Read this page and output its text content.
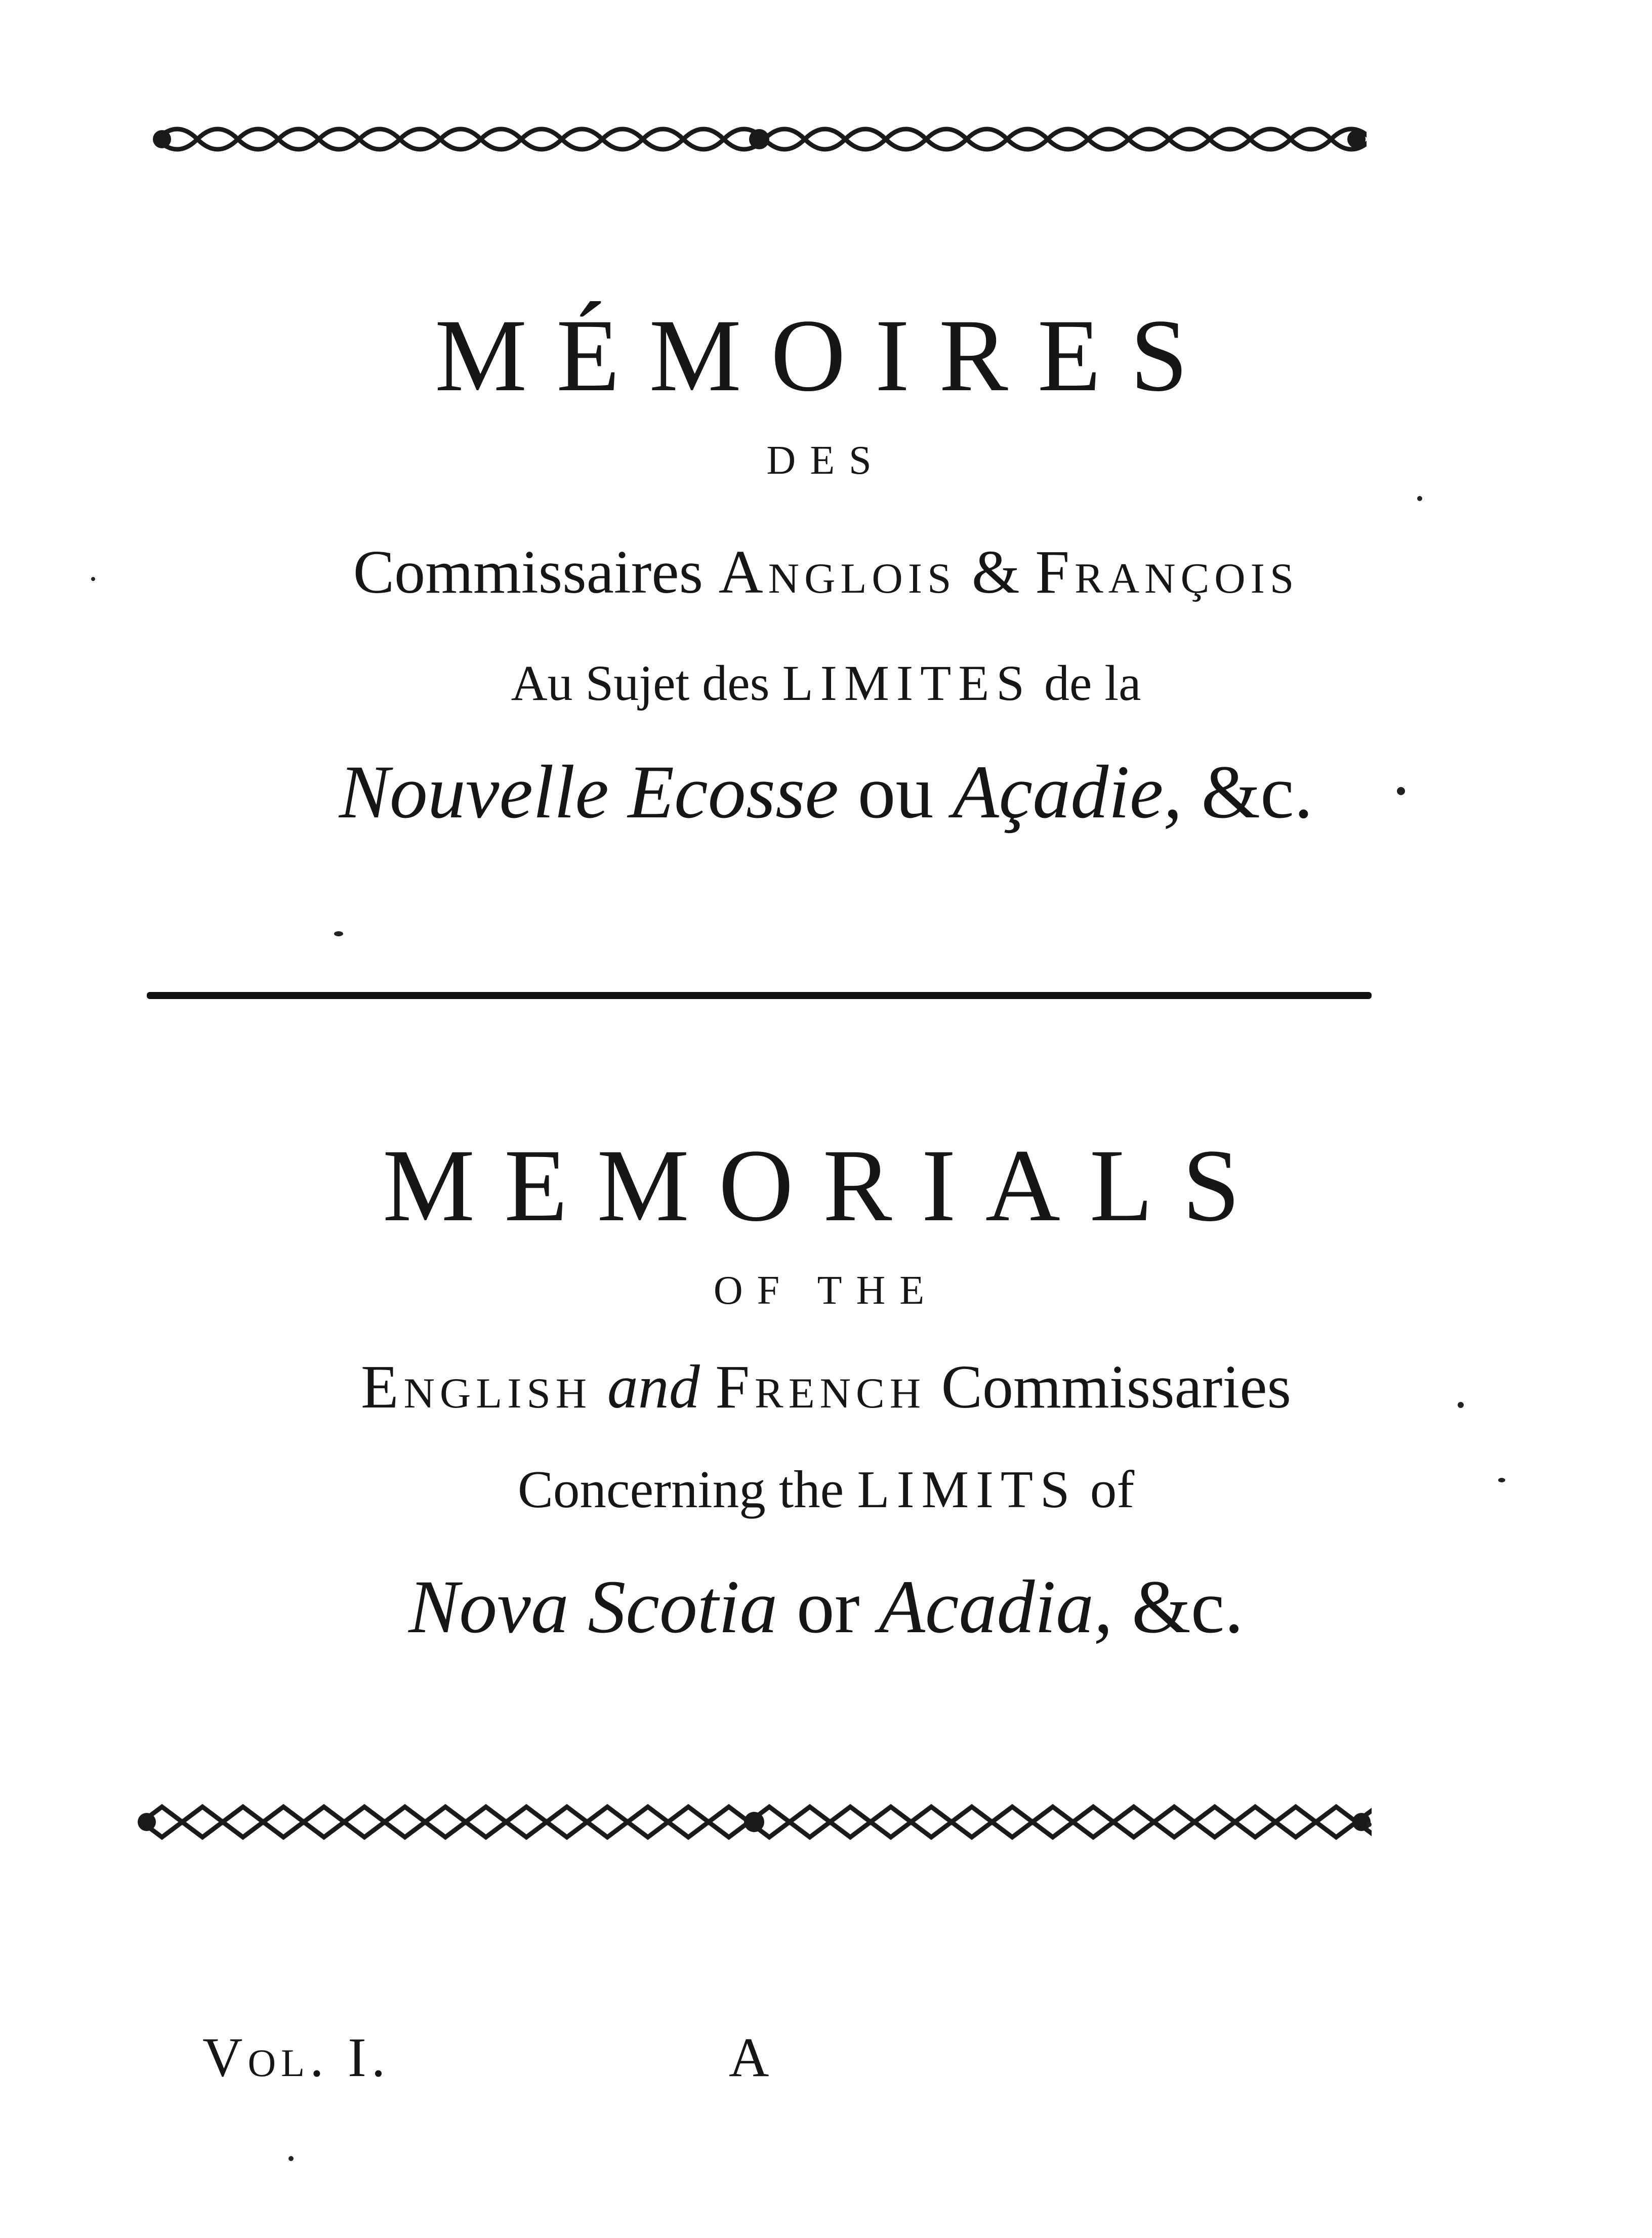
MÉMOIRES
DES
Commissaires Anglois & François
Au Sujet des LIMITES de la
Nouvelle Ecosse ou Açadie, &c.
MEMORIALS
OF THE
English and French Commissaries
Concerning the LIMITS of
Nova Scotia or Acadia, &c.
Vol. I.	A
